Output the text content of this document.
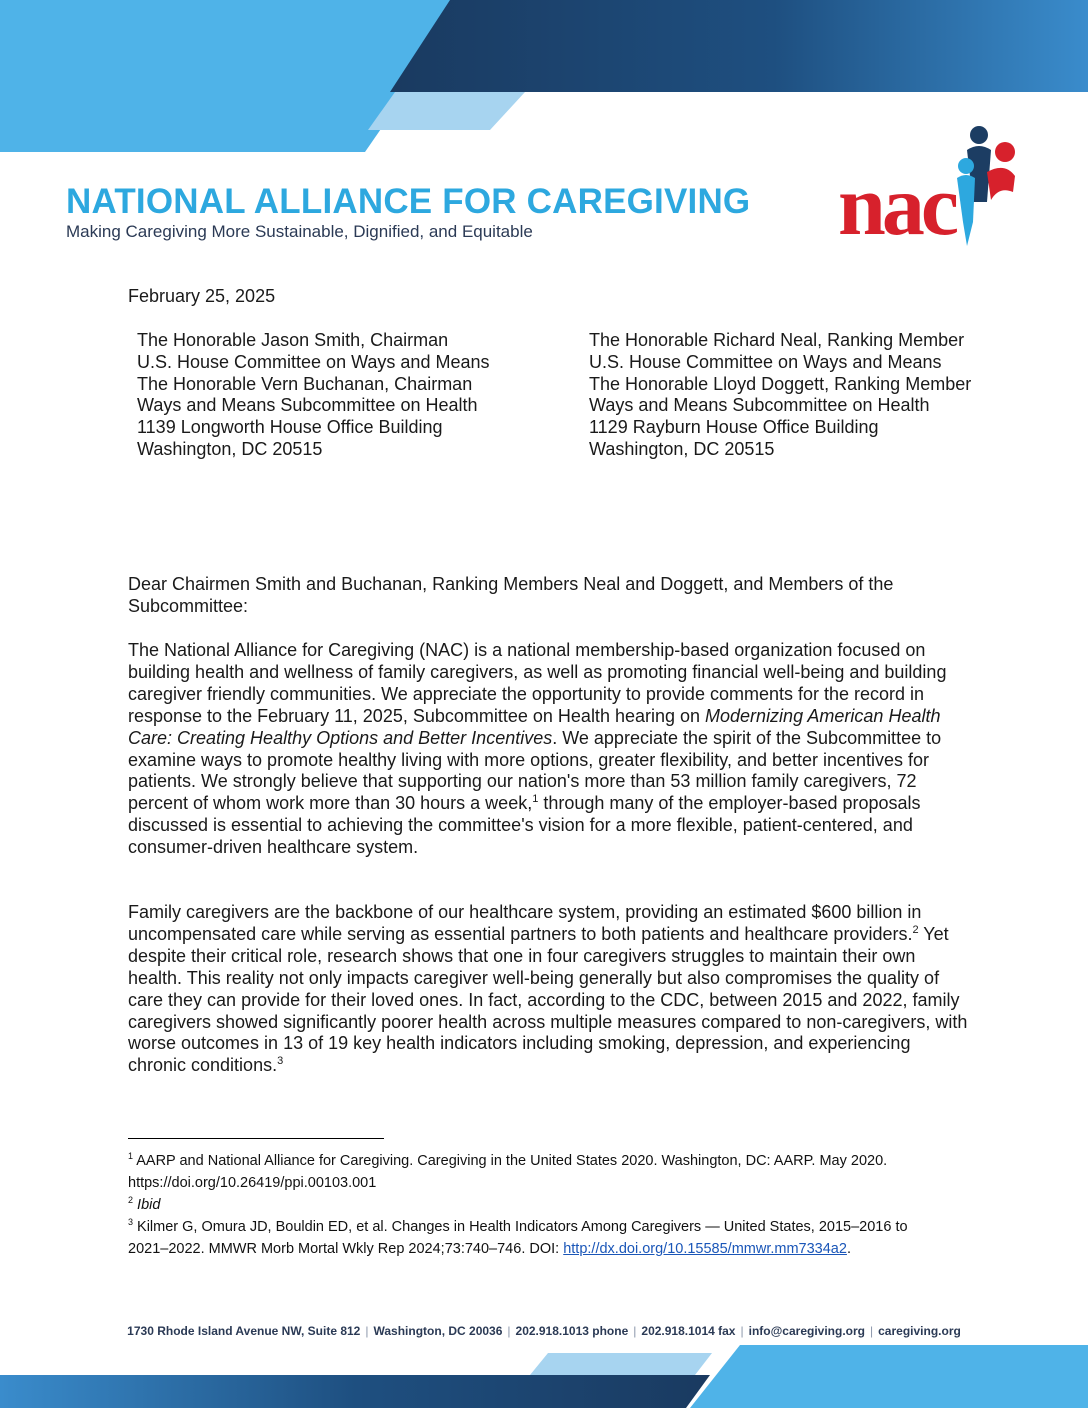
NATIONAL ALLIANCE FOR CAREGIVING
Making Caregiving More Sustainable, Dignified, and Equitable	nac
February 25, 2025
The Honorable Jason Smith, Chairman
U.S. House Committee on Ways and Means
The Honorable Vern Buchanan, Chairman
Ways and Means Subcommittee on Health
1139 Longworth House Office Building
Washington, DC 20515
The Honorable Richard Neal, Ranking Member
U.S. House Committee on Ways and Means
The Honorable Lloyd Doggett, Ranking Member
Ways and Means Subcommittee on Health
1129 Rayburn House Office Building
Washington, DC 20515

Dear Chairmen Smith and Buchanan, Ranking Members Neal and Doggett, and Members of the Subcommittee:

The National Alliance for Caregiving (NAC) is a national membership-based organization focused on building health and wellness of family caregivers, as well as promoting financial well-being and building caregiver friendly communities. We appreciate the opportunity to provide comments for the record in response to the February 11, 2025, Subcommittee on Health hearing on Modernizing American Health Care: Creating Healthy Options and Better Incentives. We appreciate the spirit of the Subcommittee to examine ways to promote healthy living with more options, greater flexibility, and better incentives for patients. We strongly believe that supporting our nation's more than 53 million family caregivers, 72 percent of whom work more than 30 hours a week,$^1$ through many of the employer-based proposals discussed is essential to achieving the committee's vision for a more flexible, patient-centered, and consumer-driven healthcare system.

Family caregivers are the backbone of our healthcare system, providing an estimated $600 billion in uncompensated care while serving as essential partners to both patients and healthcare providers.$^2$ Yet despite their critical role, research shows that one in four caregivers struggles to maintain their own health. This reality not only impacts caregiver well-being generally but also compromises the quality of care they can provide for their loved ones. In fact, according to the CDC, between 2015 and 2022, family caregivers showed significantly poorer health across multiple measures compared to non-caregivers, with worse outcomes in 13 of 19 key health indicators including smoking, depression, and experiencing chronic conditions.$^3$

$^1$ AARP and National Alliance for Caregiving. Caregiving in the United States 2020. Washington, DC: AARP. May 2020. https://doi.org/10.26419/ppi.00103.001

$^2$ Ibid

$^3$ Kilmer G, Omura JD, Bouldin ED, et al. Changes in Health Indicators Among Caregivers — United States, 2015–2016 to 2021–2022. MMWR Morb Mortal Wkly Rep 2024;73:740–746. DOI: http://dx.doi.org/10.15585/mmwr.mm7334a2.

1730 Rhode Island Avenue NW, Suite 812 | Washington, DC 20036 | 202.918.1013 phone | 202.918.1014 fax | info@caregiving.org | caregiving.org
